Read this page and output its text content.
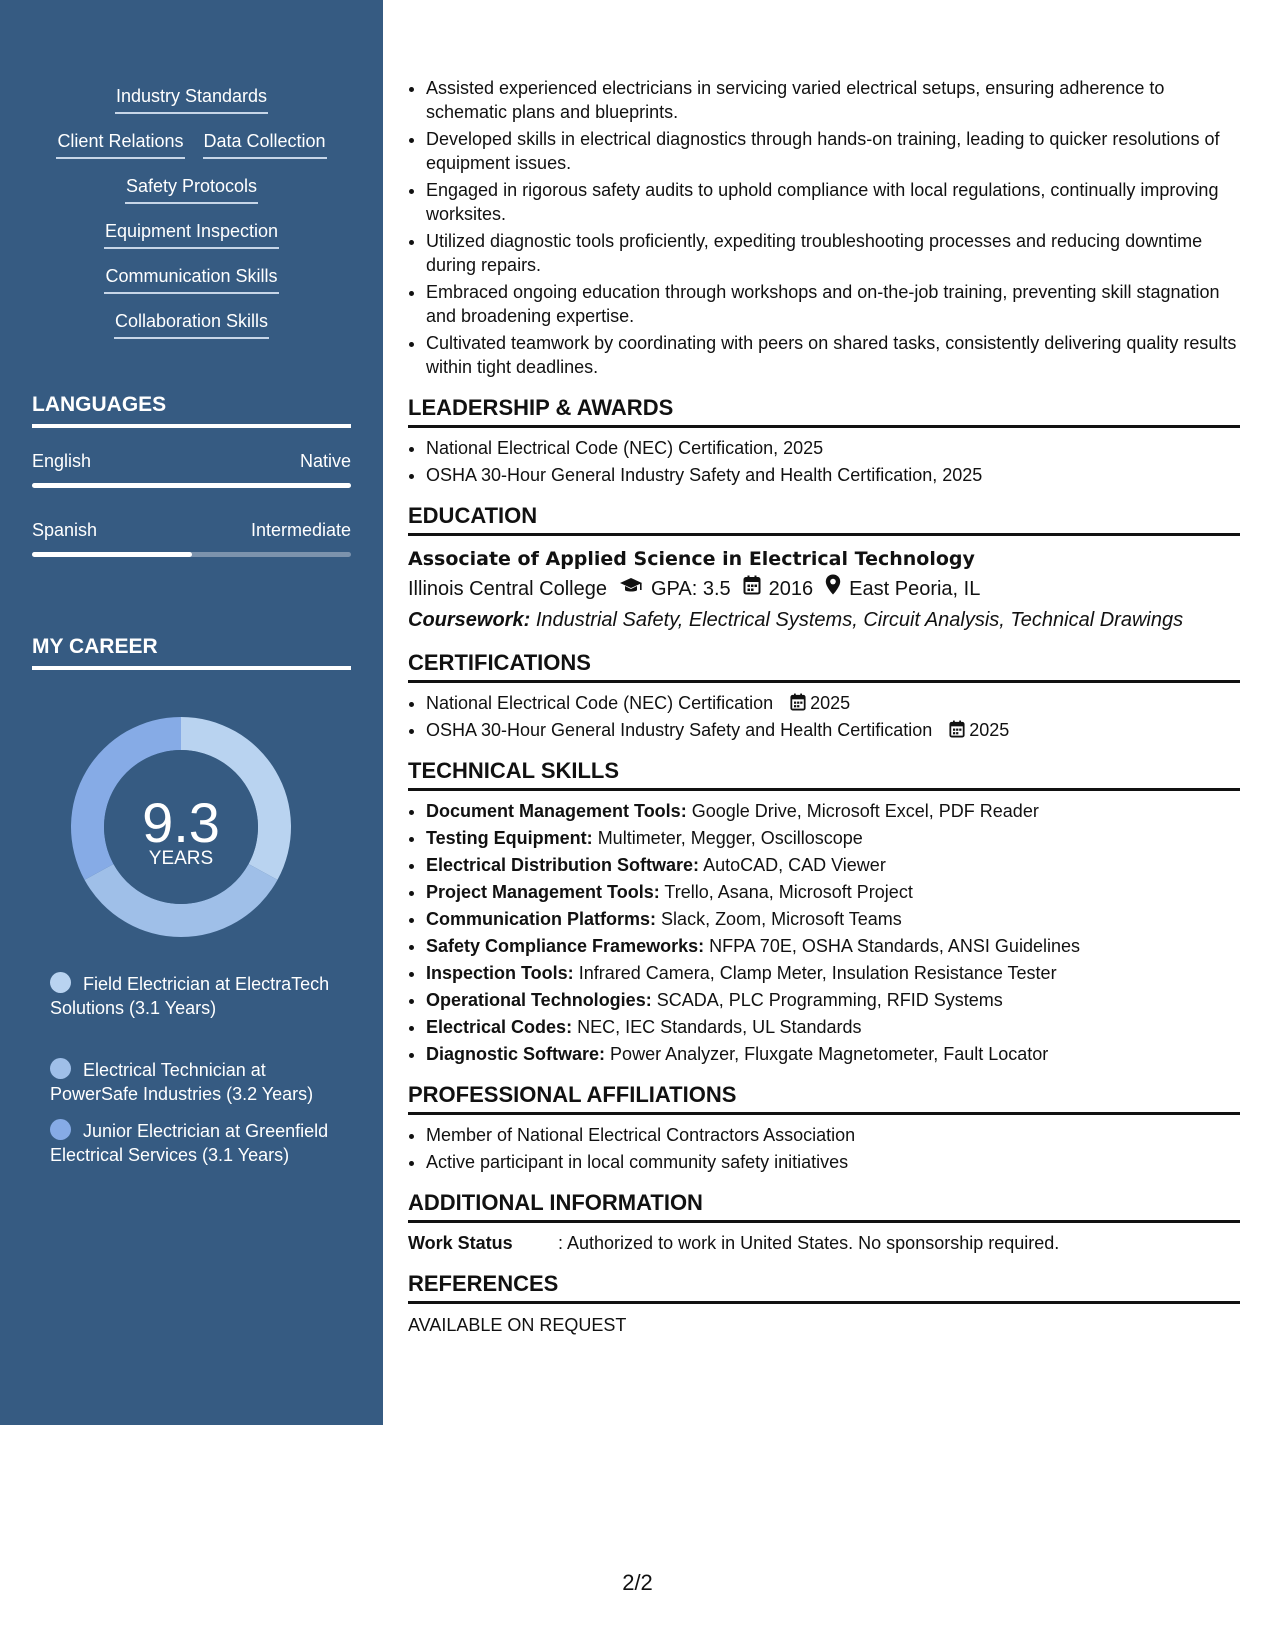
Industry Standards
Client Relations Data Collection
Safety Protocols
Equipment Inspection
Communication Skills
Collaboration Skills
LANGUAGES
English	Native
Spanish	Intermediate
MY CAREER
9.3
YEARS
Field Electrician at ElectraTech Solutions (3.1 Years)
Electrical Technician at PowerSafe Industries (3.2 Years)
Junior Electrician at Greenfield Electrical Services (3.1 Years)
• Assisted experienced electricians in servicing varied electrical setups, ensuring adherence to schematic plans and blueprints.
• Developed skills in electrical diagnostics through hands-on training, leading to quicker resolutions of equipment issues.
• Engaged in rigorous safety audits to uphold compliance with local regulations, continually improving worksites.
• Utilized diagnostic tools proficiently, expediting troubleshooting processes and reducing downtime during repairs.
• Embraced ongoing education through workshops and on-the-job training, preventing skill stagnation and broadening expertise.
• Cultivated teamwork by coordinating with peers on shared tasks, consistently delivering quality results within tight deadlines.
LEADERSHIP & AWARDS
• National Electrical Code (NEC) Certification, 2025
• OSHA 30-Hour General Industry Safety and Health Certification, 2025
EDUCATION
Associate of Applied Science in Electrical Technology
Illinois Central College GPA: 3.5 2016 East Peoria, IL
Coursework: Industrial Safety, Electrical Systems, Circuit Analysis, Technical Drawings
CERTIFICATIONS
• National Electrical Code (NEC) Certification 2025
• OSHA 30-Hour General Industry Safety and Health Certification 2025
TECHNICAL SKILLS
• Document Management Tools: Google Drive, Microsoft Excel, PDF Reader
• Testing Equipment: Multimeter, Megger, Oscilloscope
• Electrical Distribution Software: AutoCAD, CAD Viewer
• Project Management Tools: Trello, Asana, Microsoft Project
• Communication Platforms: Slack, Zoom, Microsoft Teams
• Safety Compliance Frameworks: NFPA 70E, OSHA Standards, ANSI Guidelines
• Inspection Tools: Infrared Camera, Clamp Meter, Insulation Resistance Tester
• Operational Technologies: SCADA, PLC Programming, RFID Systems
• Electrical Codes: NEC, IEC Standards, UL Standards
• Diagnostic Software: Power Analyzer, Fluxgate Magnetometer, Fault Locator
PROFESSIONAL AFFILIATIONS
• Member of National Electrical Contractors Association
• Active participant in local community safety initiatives
ADDITIONAL INFORMATION
Work Status	: Authorized to work in United States. No sponsorship required.
REFERENCES
AVAILABLE ON REQUEST
2/2
